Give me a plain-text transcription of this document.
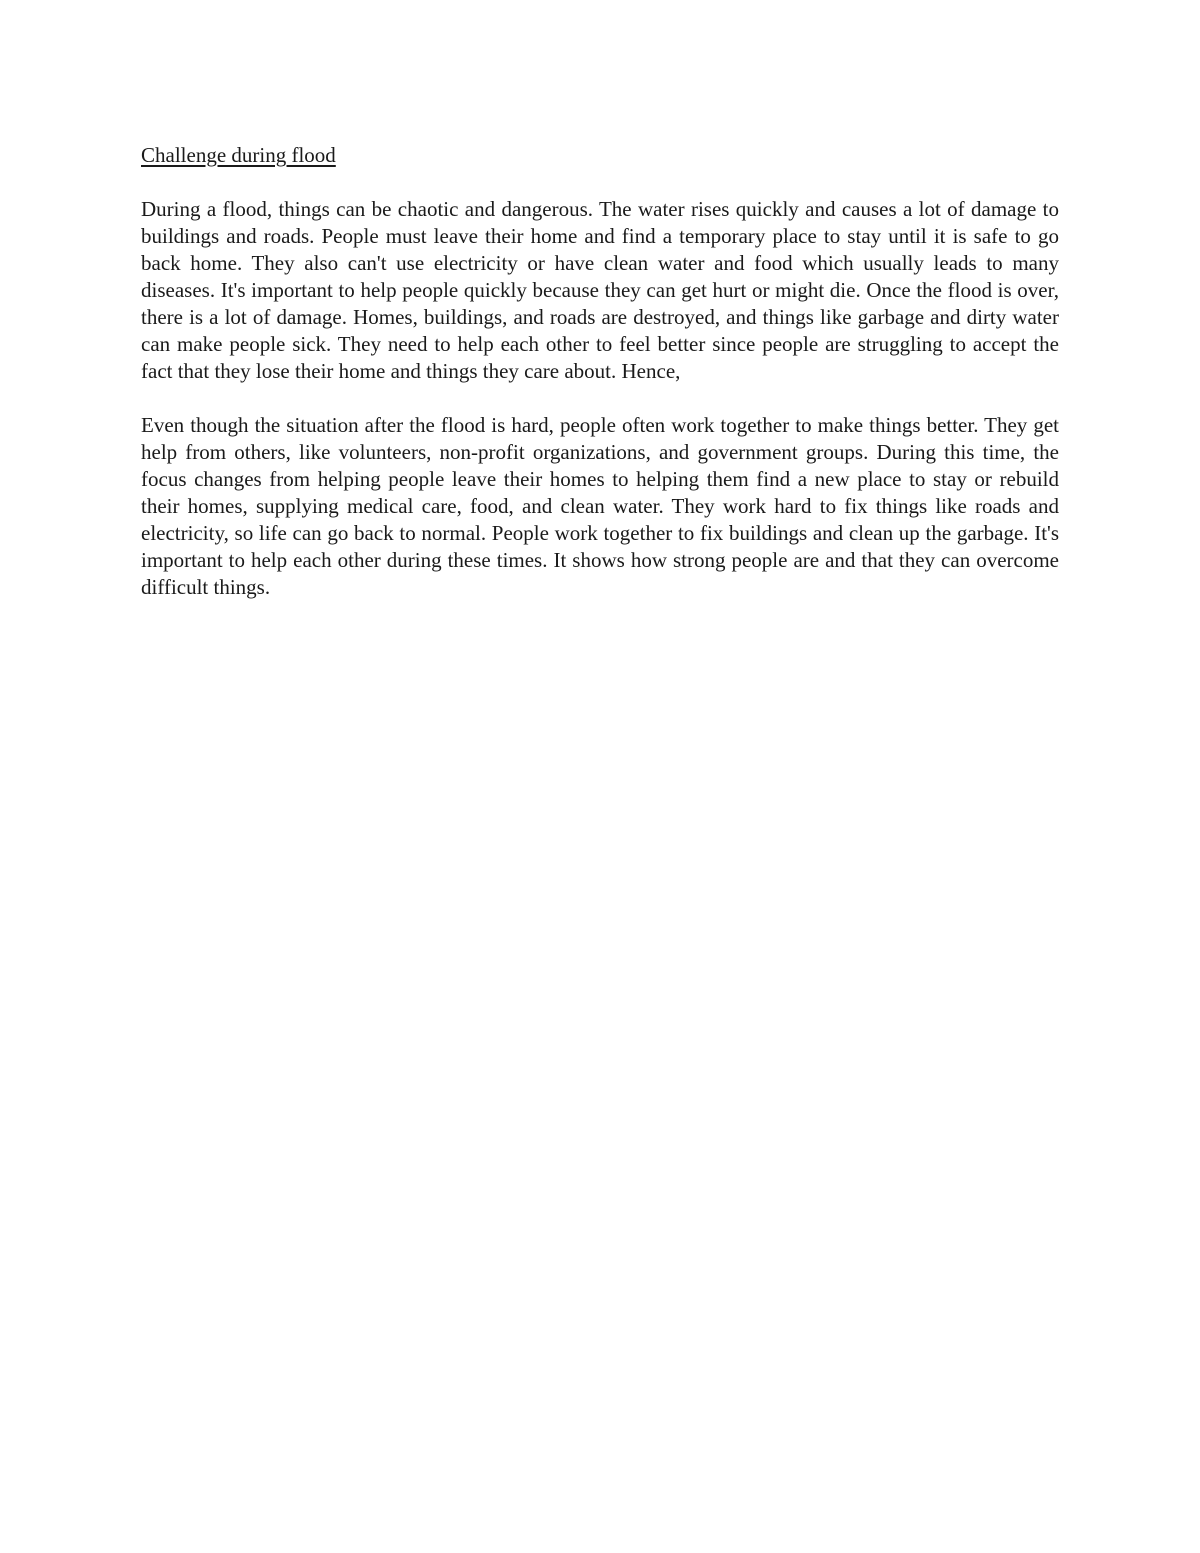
Challenge during flood

During a flood, things can be chaotic and dangerous. The water rises quickly and causes a lot of damage to buildings and roads. People must leave their home and find a temporary place to stay until it is safe to go back home. They also can't use electricity or have clean water and food which usually leads to many diseases. It's important to help people quickly because they can get hurt or might die. Once the flood is over, there is a lot of damage. Homes, buildings, and roads are destroyed, and things like garbage and dirty water can make people sick. They need to help each other to feel better since people are struggling to accept the fact that they lose their home and things they care about. Hence,

Even though the situation after the flood is hard, people often work together to make things better. They get help from others, like volunteers, non-profit organizations, and government groups. During this time, the focus changes from helping people leave their homes to helping them find a new place to stay or rebuild their homes, supplying medical care, food, and clean water. They work hard to fix things like roads and electricity, so life can go back to normal. People work together to fix buildings and clean up the garbage. It's important to help each other during these times. It shows how strong people are and that they can overcome difficult things.
